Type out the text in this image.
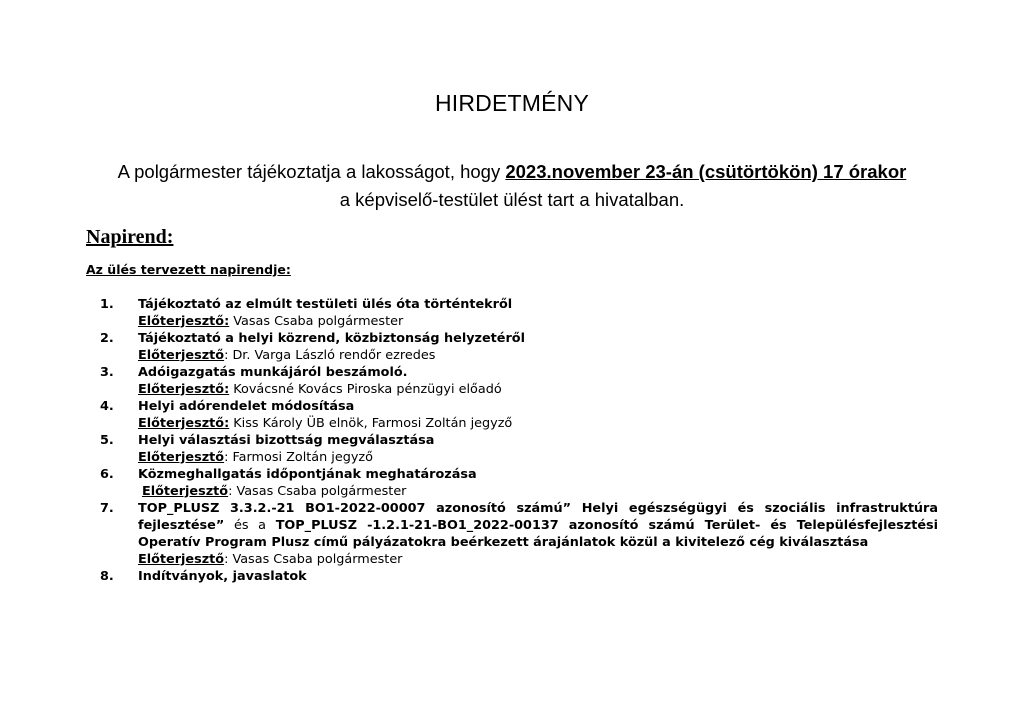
HIRDETMÉNY
A polgármester tájékoztatja a lakosságot, hogy 2023.november 23-án (csütörtökön) 17 órakor
a képviselő-testület ülést tart a hivatalban.
Napirend:
Az ülés tervezett napirendje:
1. Tájékoztató az elmúlt testületi ülés óta történtekről
Előterjesztő: Vasas Csaba polgármester
2. Tájékoztató a helyi közrend, közbiztonság helyzetéről
Előterjesztő: Dr. Varga László rendőr ezredes
3. Adóigazgatás munkájáról beszámoló.
Előterjesztő: Kovácsné Kovács Piroska pénzügyi előadó
4. Helyi adórendelet módosítása
Előterjesztő: Kiss Károly ÜB elnök, Farmosi Zoltán jegyző
5. Helyi választási bizottság megválasztása
Előterjesztő: Farmosi Zoltán jegyző
6. Közmeghallgatás időpontjának meghatározása
Előterjesztő: Vasas Csaba polgármester
7. TOP_PLUSZ 3.3.2.-21 BO1-2022-00007 azonosító számú” Helyi egészségügyi és szociális infrastruktúra fejlesztése” és a TOP_PLUSZ -1.2.1-21-BO1_2022-00137 azonosító számú Terület- és Településfejlesztési Operatív Program Plusz című pályázatokra beérkezett árajánlatok közül a kivitelező cég kiválasztása
Előterjesztő: Vasas Csaba polgármester
8. Indítványok, javaslatok
